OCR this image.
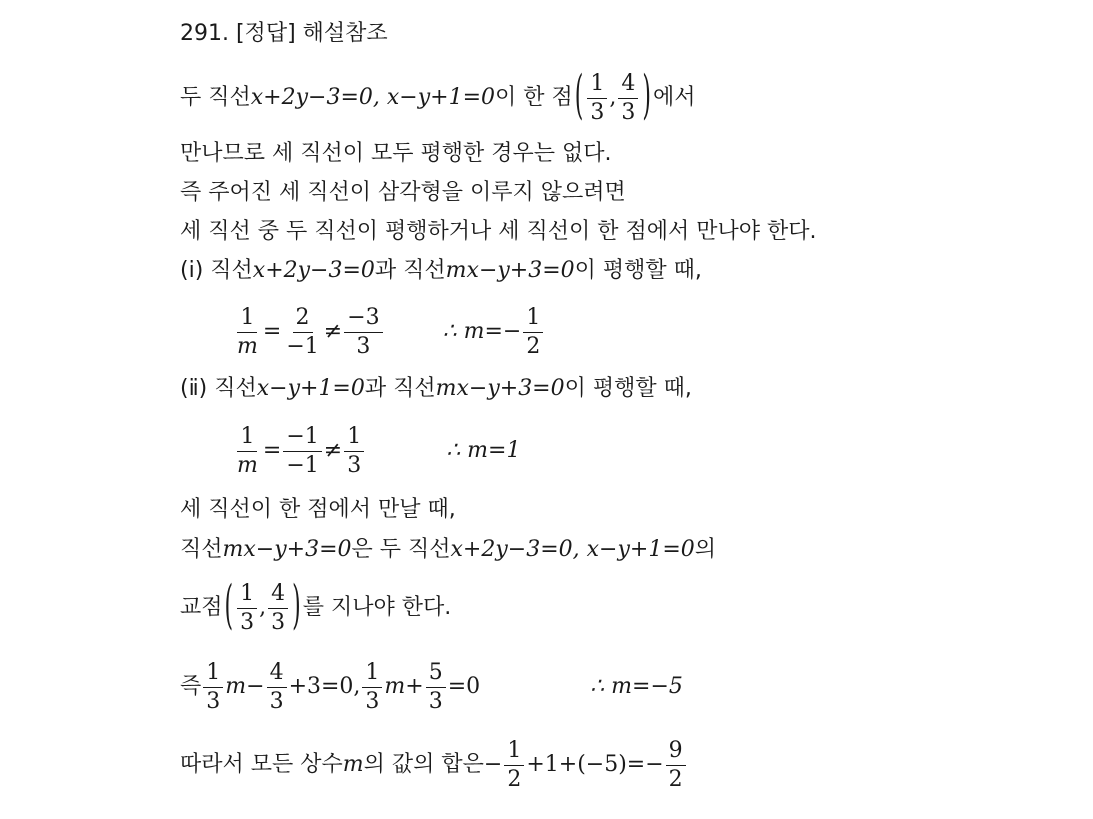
291. [정답] 해설참조
두 직선 x+2y−3=0, x−y+1=0 이 한 점 ( $\frac{1}{3}$ , $\frac{4}{3}$ ) 에서
만나므로 세 직선이 모두 평행한 경우는 없다.
즉 주어진 세 직선이 삼각형을 이루지 않으려면
세 직선 중 두 직선이 평행하거나 세 직선이 한 점에서 만나야 한다.
(ⅰ) 직선 x+2y−3=0 과 직선 mx−y+3=0 이 평행할 때,
$\frac{1}{m} = \frac{2}{-1} \ne \frac{-3}{3}$	∴ $m=- \frac{1}{2}$
(ⅱ) 직선 x−y+1=0 과 직선 mx−y+3=0 이 평행할 때,
$\frac{1}{m} = \frac{-1}{-1} \ne \frac{1}{3}$	∴ m=1
세 직선이 한 점에서 만날 때,
직선 mx−y+3=0 은 두 직선 x+2y−3=0, x−y+1=0 의
교점 ( $\frac{1}{3}$ , $\frac{4}{3}$ ) 를 지나야 한다.
즉 $\frac{1}{3} m- \frac{4}{3} +3=0$, $\frac{1}{3} m+ \frac{5}{3} =0$	∴ m=−5
따라서 모든 상수 m 의 값의 합은 − $\frac{1}{2} +1+(-5)=- \frac{9}{2}$
